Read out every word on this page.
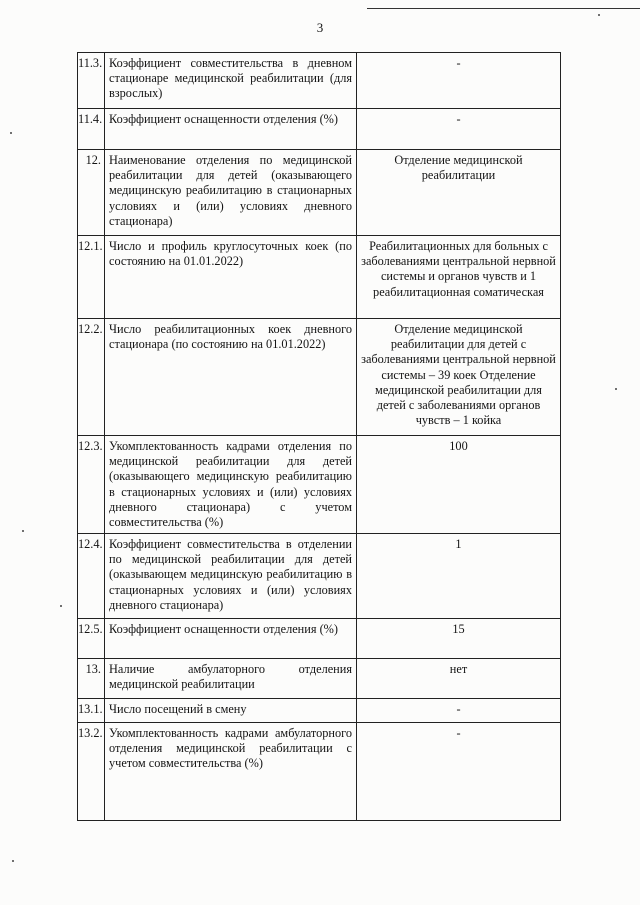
3
11.3.	Коэффициент совместительства в дневном стационаре медицинской реабилитации (для взрослых)	-
11.4.	Коэффициент оснащенности отделения (%)	-
12.	Наименование отделения по медицинской реабилитации для детей (оказывающего медицинскую реабилитацию в стационарных условиях и (или) условиях дневного стационара)	Отделение медицинской реабилитации
12.1.	Число и профиль круглосуточных коек (по состоянию на 01.01.2022)	Реабилитационных для больных с заболеваниями центральной нервной системы и органов чувств и 1 реабилитационная соматическая
12.2.	Число реабилитационных коек дневного стационара (по состоянию на 01.01.2022)	Отделение медицинской реабилитации для детей с заболеваниями центральной нервной системы – 39 коек Отделение медицинской реабилитации для детей с заболеваниями органов чувств – 1 койка
12.3.	Укомплектованность кадрами отделения по медицинской реабилитации для детей (оказывающего медицинскую реабилитацию в стационарных условиях и (или) условиях дневного стационара) с учетом совместительства (%)	100
12.4.	Коэффициент совместительства в отделении по медицинской реабилитации для детей (оказывающем медицинскую реабилитацию в стационарных условиях и (или) условиях дневного стационара)	1
12.5.	Коэффициент оснащенности отделения (%)	15
13.	Наличие амбулаторного отделения медицинской реабилитации	нет
13.1.	Число посещений в смену	-
13.2.	Укомплектованность кадрами амбулаторного отделения медицинской реабилитации с учетом совместительства (%)	-
